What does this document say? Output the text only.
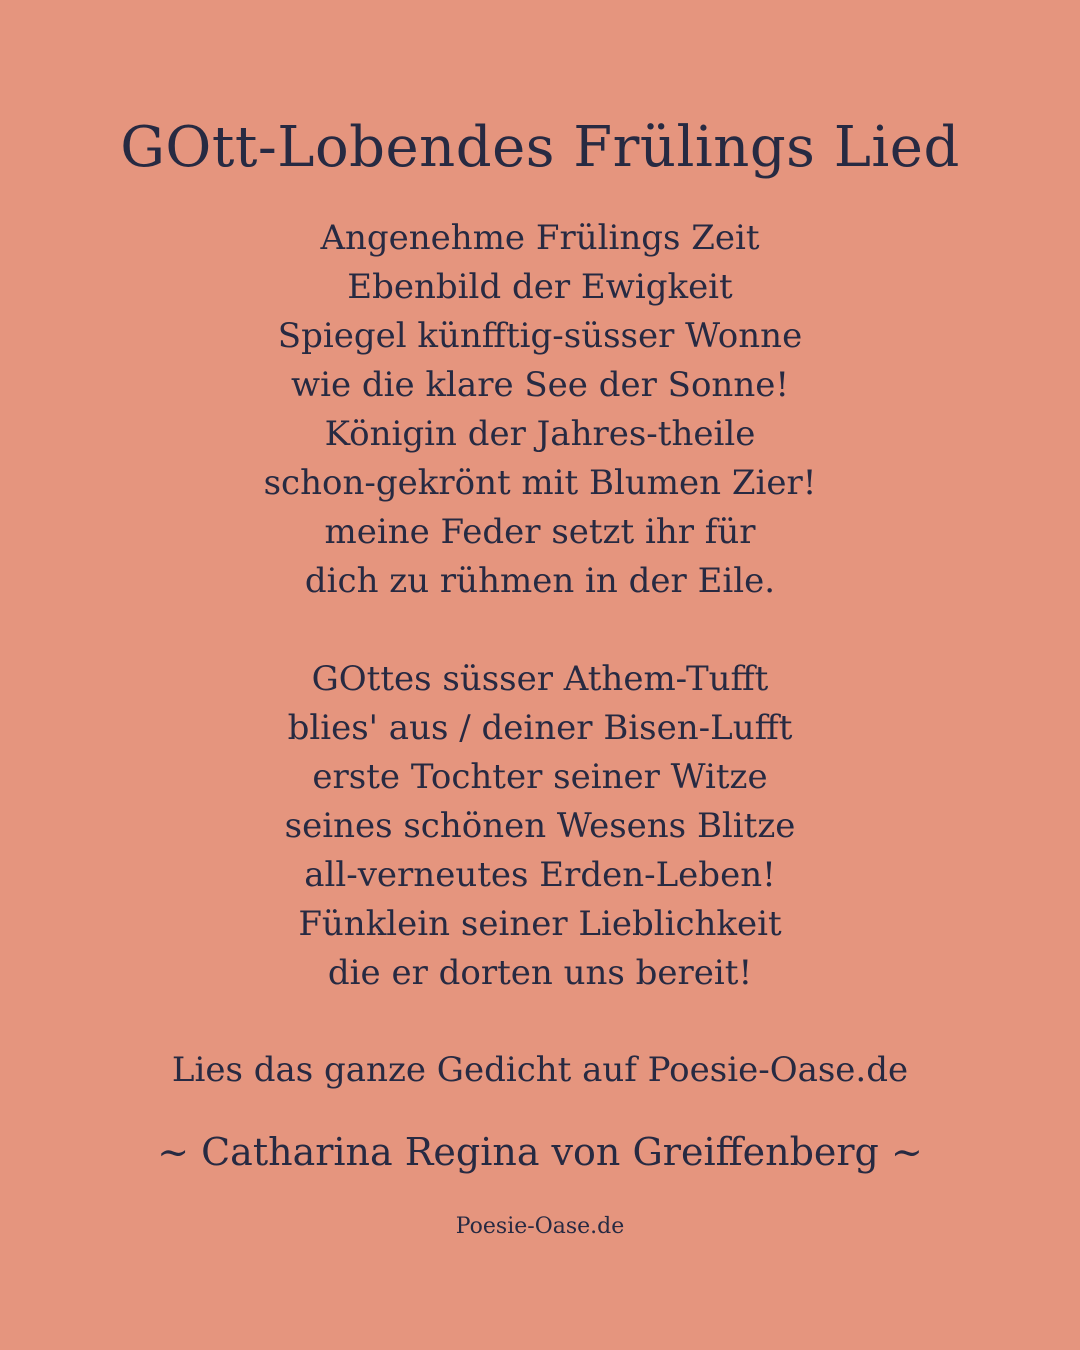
GOtt-Lobendes Frülings Lied
Angenehme Frülings Zeit
Ebenbild der Ewigkeit
Spiegel künfftig-süsser Wonne
wie die klare See der Sonne!
Königin der Jahres-theile
schon-gekrönt mit Blumen Zier!
meine Feder setzt ihr für
dich zu rühmen in der Eile.
GOttes süsser Athem-Tufft
blies' aus / deiner Bisen-Lufft
erste Tochter seiner Witze
seines schönen Wesens Blitze
all-verneutes Erden-Leben!
Fünklein seiner Lieblichkeit
die er dorten uns bereit!

Lies das ganze Gedicht auf Poesie-Oase.de

~ Catharina Regina von Greiffenberg ~

Poesie-Oase.de
